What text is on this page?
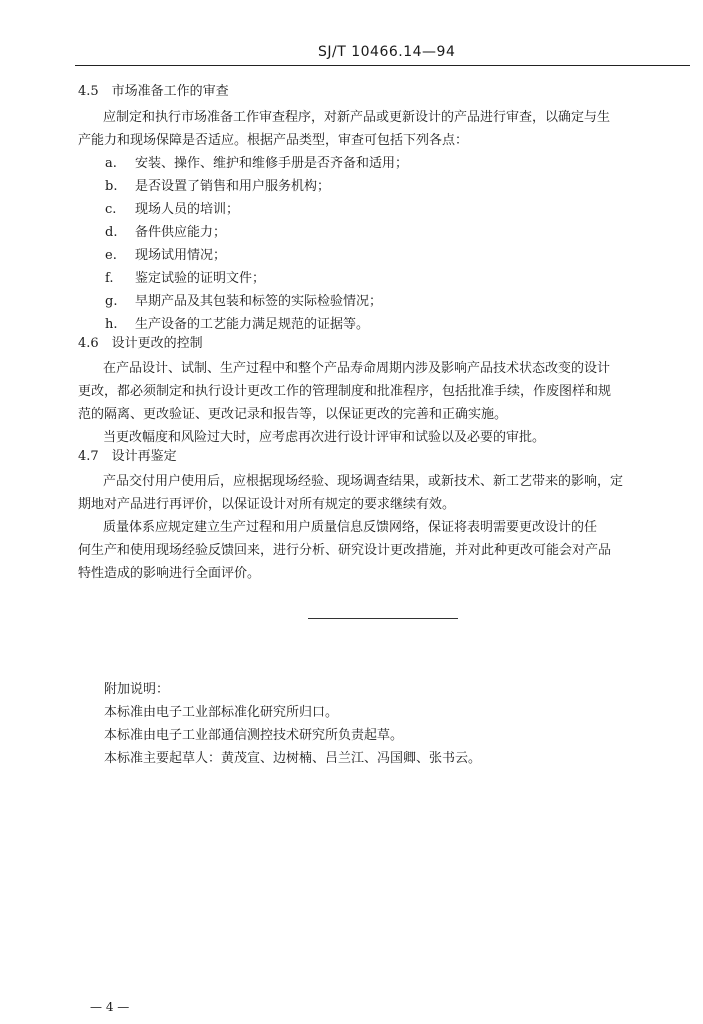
SJ/T 10466.14—94
4.5　市场准备工作的审查
应制定和执行市场准备工作审查程序，对新产品或更新设计的产品进行审查，以确定与生
产能力和现场保障是否适应。根据产品类型，审查可包括下列各点：
a. 安装、操作、维护和维修手册是否齐备和适用；
b. 是否设置了销售和用户服务机构；
c. 现场人员的培训；
d. 备件供应能力；
e. 现场试用情况；
f. 鉴定试验的证明文件；
g. 早期产品及其包装和标签的实际检验情况；
h. 生产设备的工艺能力满足规范的证据等。
4.6　设计更改的控制
在产品设计、试制、生产过程中和整个产品寿命周期内涉及影响产品技术状态改变的设计
更改，都必须制定和执行设计更改工作的管理制度和批准程序，包括批准手续，作废图样和规
范的隔离、更改验证、更改记录和报告等，以保证更改的完善和正确实施。
当更改幅度和风险过大时，应考虑再次进行设计评审和试验以及必要的审批。
4.7　设计再鉴定
产品交付用户使用后，应根据现场经验、现场调查结果，或新技术、新工艺带来的影响，定
期地对产品进行再评价，以保证设计对所有规定的要求继续有效。
质量体系应规定建立生产过程和用户质量信息反馈网络，保证将表明需要更改设计的任
何生产和使用现场经验反馈回来，进行分析、研究设计更改措施，并对此种更改可能会对产品
特性造成的影响进行全面评价。
附加说明：
本标准由电子工业部标准化研究所归口。
本标准由电子工业部通信测控技术研究所负责起草。
本标准主要起草人：黄茂宣、边树楠、吕兰江、冯国卿、张书云。
— 4 —
